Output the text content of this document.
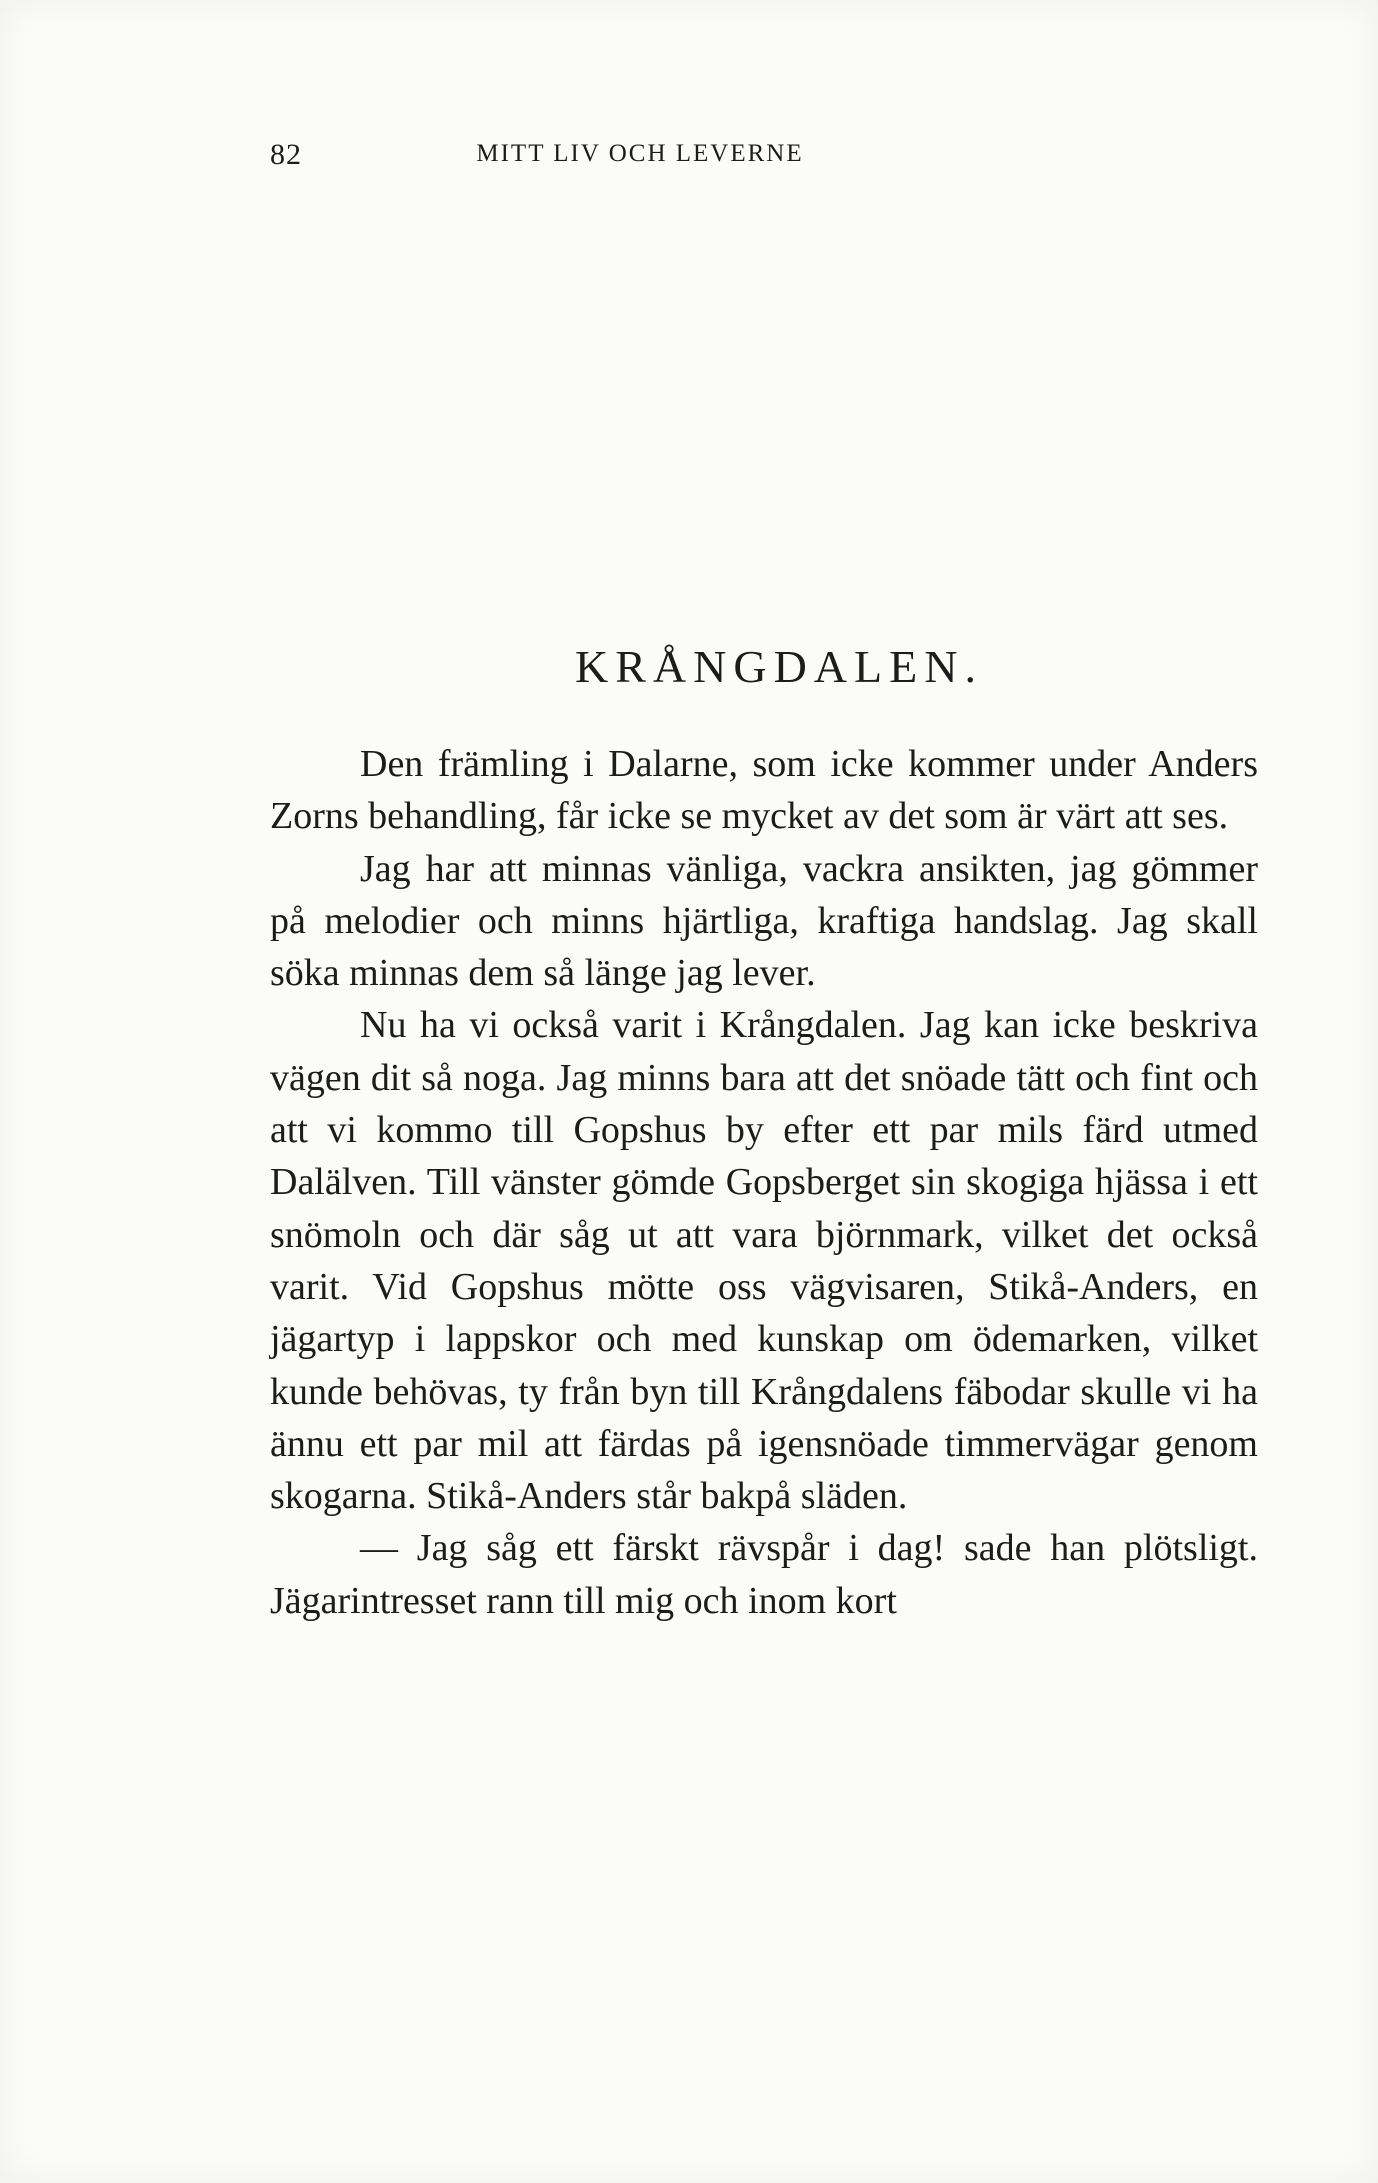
82	MITT LIV OCH LEVERNE
KRÅNGDALEN.

Den främling i Dalarne, som icke kommer under Anders Zorns behandling, får icke se mycket av det som är värt att ses.

Jag har att minnas vänliga, vackra ansikten, jag gömmer på melodier och minns hjärtliga, kraftiga handslag. Jag skall söka minnas dem så länge jag lever.

Nu ha vi också varit i Krångdalen. Jag kan icke beskriva vägen dit så noga. Jag minns bara att det snöade tätt och fint och att vi kommo till Gopshus by efter ett par mils färd utmed Dalälven. Till vänster gömde Gopsberget sin skogiga hjässa i ett snömoln och där såg ut att vara björnmark, vilket det också varit. Vid Gopshus mötte oss vägvisaren, Stikå-Anders, en jägartyp i lappskor och med kunskap om ödemarken, vilket kunde behövas, ty från byn till Krångdalens fäbodar skulle vi ha ännu ett par mil att färdas på igensnöade timmervägar genom skogarna. Stikå-Anders står bakpå släden.

— Jag såg ett färskt rävspår i dag! sade han plötsligt. Jägarintresset rann till mig och inom kort
